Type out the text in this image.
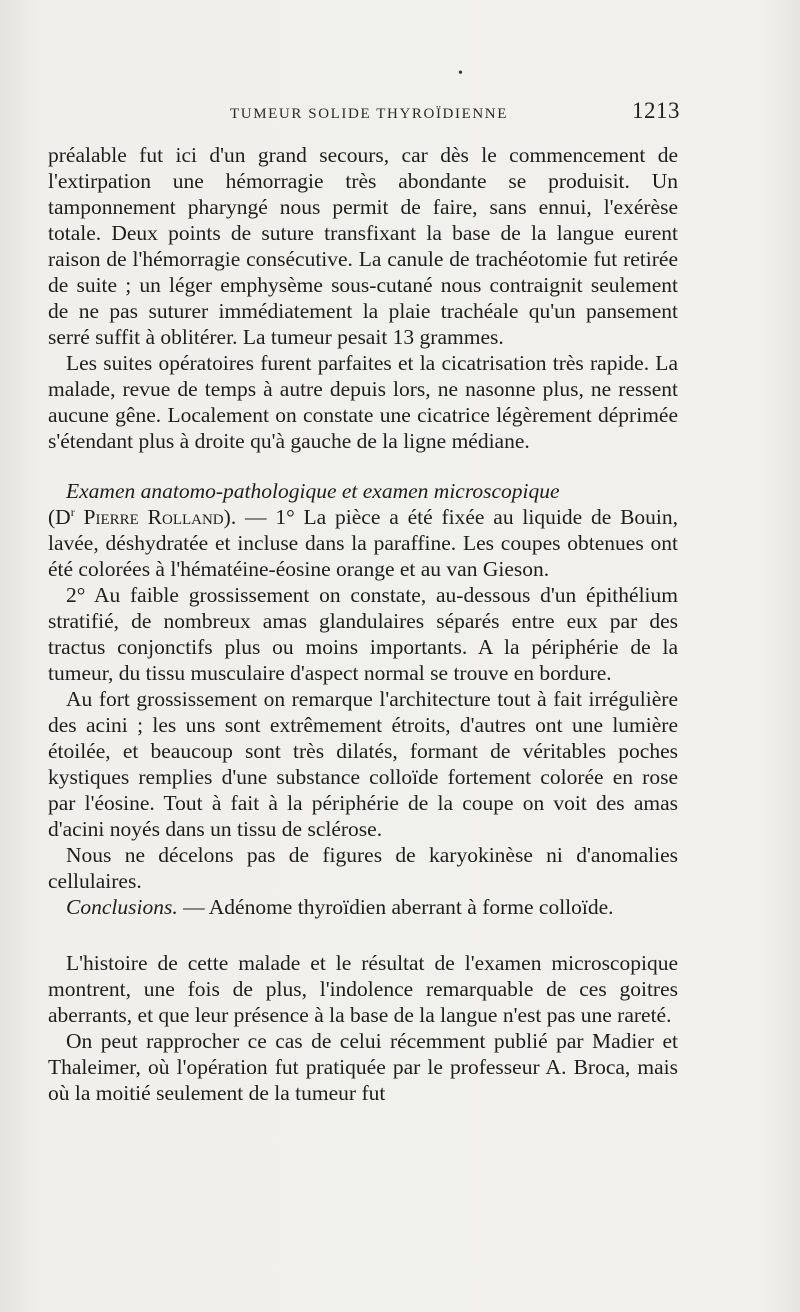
•
TUMEUR SOLIDE THYROÏDIENNE	1213

préalable fut ici d'un grand secours, car dès le commencement de l'extirpation une hémorragie très abondante se produisit. Un tamponnement pharyngé nous permit de faire, sans ennui, l'exérèse totale. Deux points de suture transfixant la base de la langue eurent raison de l'hémorragie consécutive. La canule de trachéotomie fut retirée de suite ; un léger emphysème sous-cutané nous contraignit seulement de ne pas suturer immédiatement la plaie trachéale qu'un pansement serré suffit à oblitérer. La tumeur pesait 13 grammes.

Les suites opératoires furent parfaites et la cicatrisation très rapide. La malade, revue de temps à autre depuis lors, ne nasonne plus, ne ressent aucune gêne. Localement on constate une cicatrice légèrement déprimée s'étendant plus à droite qu'à gauche de la ligne médiane.

Examen anatomo-pathologique et examen microscopique
($D^r$ Pierre Rolland). — 1° La pièce a été fixée au liquide de Bouin, lavée, déshydratée et incluse dans la paraffine. Les coupes obtenues ont été colorées à l'hématéine-éosine orange et au van Gieson.

2° Au faible grossissement on constate, au-dessous d'un épithélium stratifié, de nombreux amas glandulaires séparés entre eux par des tractus conjonctifs plus ou moins importants. A la périphérie de la tumeur, du tissu musculaire d'aspect normal se trouve en bordure.

Au fort grossissement on remarque l'architecture tout à fait irrégulière des acini ; les uns sont extrêmement étroits, d'autres ont une lumière étoilée, et beaucoup sont très dilatés, formant de véritables poches kystiques remplies d'une substance colloïde fortement colorée en rose par l'éosine. Tout à fait à la périphérie de la coupe on voit des amas d'acini noyés dans un tissu de sclérose.

Nous ne décelons pas de figures de karyokinèse ni d'anomalies cellulaires.

Conclusions. — Adénome thyroïdien aberrant à forme colloïde.

L'histoire de cette malade et le résultat de l'examen microscopique montrent, une fois de plus, l'indolence remarquable de ces goitres aberrants, et que leur présence à la base de la langue n'est pas une rareté.

On peut rapprocher ce cas de celui récemment publié par Madier et Thaleimer, où l'opération fut pratiquée par le professeur A. Broca, mais où la moitié seulement de la tumeur fut
